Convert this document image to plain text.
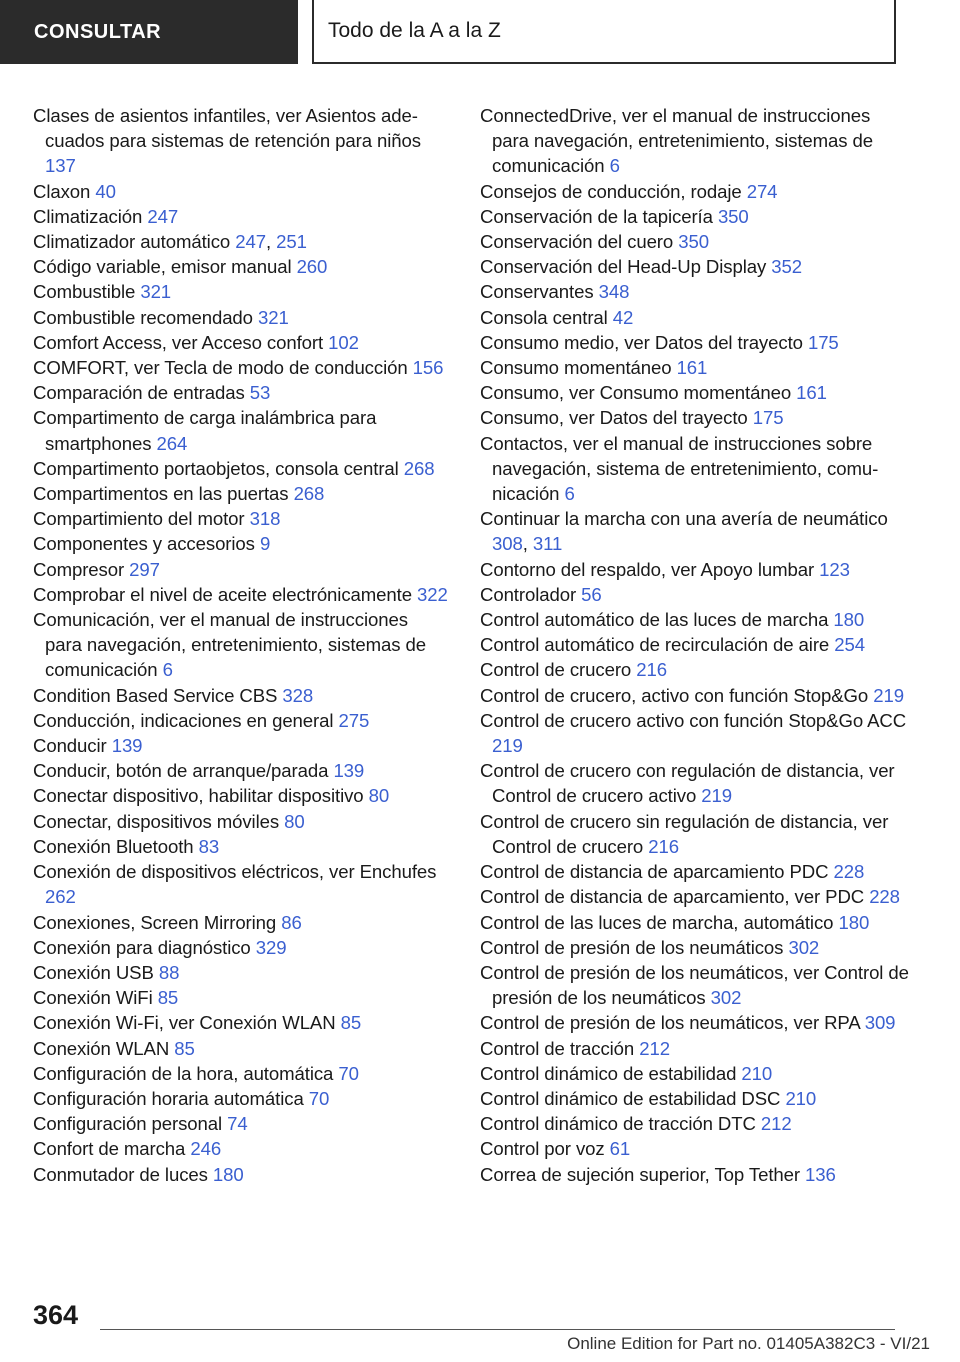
CONSULTAR	Todo de la A a la Z
Clases de asientos infantiles, ver Asientos adecuados para sistemas de retención para niños 137
Claxon 40
Climatización 247
Climatizador automático 247, 251
Código variable, emisor manual 260
Combustible 321
Combustible recomendado 321
Comfort Access, ver Acceso confort 102
COMFORT, ver Tecla de modo de conducción 156
Comparación de entradas 53
Compartimento de carga inalámbrica para smartphones 264
Compartimento portaobjetos, consola central 268
Compartimentos en las puertas 268
Compartimiento del motor 318
Componentes y accesorios 9
Compresor 297
Comprobar el nivel de aceite electrónicamente 322
Comunicación, ver el manual de instrucciones para navegación, entretenimiento, sistemas de comunicación 6
Condition Based Service CBS 328
Conducción, indicaciones en general 275
Conducir 139
Conducir, botón de arranque/parada 139
Conectar dispositivo, habilitar dispositivo 80
Conectar, dispositivos móviles 80
Conexión Bluetooth 83
Conexión de dispositivos eléctricos, ver Enchufes 262
Conexiones, Screen Mirroring 86
Conexión para diagnóstico 329
Conexión USB 88
Conexión WiFi 85
Conexión Wi-Fi, ver Conexión WLAN 85
Conexión WLAN 85
Configuración de la hora, automática 70
Configuración horaria automática 70
Configuración personal 74
Confort de marcha 246
Conmutador de luces 180
ConnectedDrive, ver el manual de instrucciones para navegación, entretenimiento, sistemas de comunicación 6
Consejos de conducción, rodaje 274
Conservación de la tapicería 350
Conservación del cuero 350
Conservación del Head-Up Display 352
Conservantes 348
Consola central 42
Consumo medio, ver Datos del trayecto 175
Consumo momentáneo 161
Consumo, ver Consumo momentáneo 161
Consumo, ver Datos del trayecto 175
Contactos, ver el manual de instrucciones sobre navegación, sistema de entretenimiento, comunicación 6
Continuar la marcha con una avería de neumático 308, 311
Contorno del respaldo, ver Apoyo lumbar 123
Controlador 56
Control automático de las luces de marcha 180
Control automático de recirculación de aire 254
Control de crucero 216
Control de crucero, activo con función Stop&Go 219
Control de crucero activo con función Stop&Go ACC 219
Control de crucero con regulación de distancia, ver Control de crucero activo 219
Control de crucero sin regulación de distancia, ver Control de crucero 216
Control de distancia de aparcamiento PDC 228
Control de distancia de aparcamiento, ver PDC 228
Control de las luces de marcha, automático 180
Control de presión de los neumáticos 302
Control de presión de los neumáticos, ver Control de presión de los neumáticos 302
Control de presión de los neumáticos, ver RPA 309
Control de tracción 212
Control dinámico de estabilidad 210
Control dinámico de estabilidad DSC 210
Control dinámico de tracción DTC 212
Control por voz 61
Correa de sujeción superior, Top Tether 136
364
Online Edition for Part no. 01405A382C3 - VI/21
